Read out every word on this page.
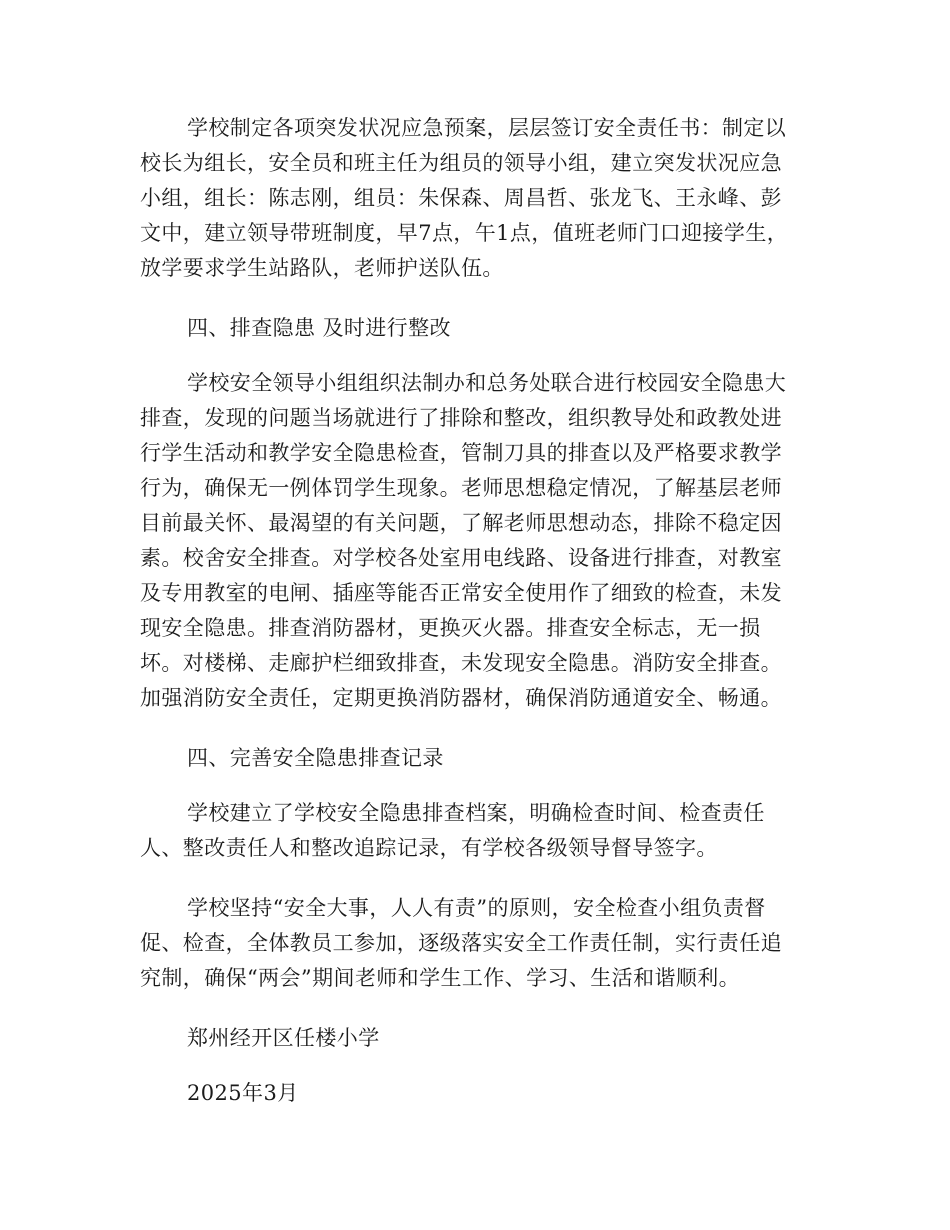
学校制定各项突发状况应急预案，层层签订安全责任书：制定以
校长为组长，安全员和班主任为组员的领导小组，建立突发状况应急
小组，组长：陈志刚，组员：朱保森、周昌哲、张龙飞、王永峰、彭
文中，建立领导带班制度，早7点，午1点，值班老师门口迎接学生，
放学要求学生站路队，老师护送队伍。
四、排查隐患 及时进行整改
学校安全领导小组组织法制办和总务处联合进行校园安全隐患大
排查，发现的问题当场就进行了排除和整改，组织教导处和政教处进
行学生活动和教学安全隐患检查，管制刀具的排查以及严格要求教学
行为，确保无一例体罚学生现象。老师思想稳定情况，了解基层老师
目前最关怀、最渴望的有关问题，了解老师思想动态，排除不稳定因
素。校舍安全排查。对学校各处室用电线路、设备进行排查，对教室
及专用教室的电闸、插座等能否正常安全使用作了细致的检查，未发
现安全隐患。排查消防器材，更换灭火器。排查安全标志，无一损
坏。对楼梯、走廊护栏细致排查，未发现安全隐患。消防安全排查。
加强消防安全责任，定期更换消防器材，确保消防通道安全、畅通。
四、完善安全隐患排查记录
学校建立了学校安全隐患排查档案，明确检查时间、检查责任
人、整改责任人和整改追踪记录，有学校各级领导督导签字。
学校坚持“安全大事，人人有责”的原则，安全检查小组负责督
促、检查，全体教员工参加，逐级落实安全工作责任制，实行责任追
究制，确保“两会”期间老师和学生工作、学习、生活和谐顺利。
郑州经开区任楼小学
2025年3月
